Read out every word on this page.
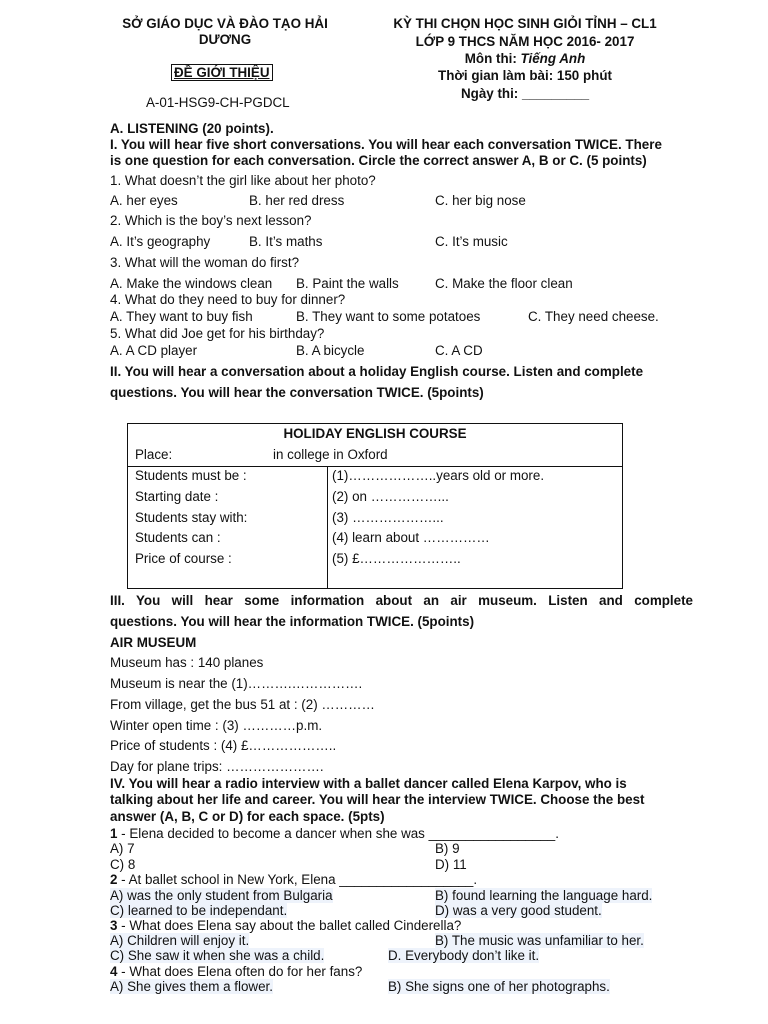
SỞ GIÁO DỤC VÀ ĐÀO TẠO HẢI
DƯƠNG
ĐỀ GIỚI THIỆU
A-01-HSG9-CH-PGDCL
KỲ THI CHỌN HỌC SINH GIỎI TỈNH – CL1
LỚP 9 THCS NĂM HỌC 2016- 2017
Môn thi: Tiếng Anh
Thời gian làm bài: 150 phút
Ngày thi: _________
A. LISTENING (20 points).
I. You will hear five short conversations. You will hear each conversation TWICE. There
is one question for each conversation. Circle the correct answer A, B or C. (5 points)
1. What doesn’t the girl like about her photo?
A. her eyes	B. her red dress	C. her big nose
2. Which is the boy’s next lesson?
A. It’s geography	B. It’s maths	C. It’s music
3. What will the woman do first?
A. Make the windows clean B. Paint the walls	C. Make the floor clean
4. What do they need to buy for dinner?
A. They want to buy fish	B. They want to some potatoes	C. They need cheese.
5. What did Joe get for his birthday?
A. A CD player	B. A bicycle	C. A CD
II. You will hear a conversation about a holiday English course. Listen and complete
questions. You will hear the conversation TWICE. (5points)
HOLIDAY ENGLISH COURSE
Place:	in college in Oxford
Students must be :	(1)………………..years old or more.
Starting date :	(2) on ……………...
Students stay with:	(3) ………………...
Students can :	(4) learn about ……………
Price of course :	(5) £…………………..
III. You will hear some information about an air museum. Listen and complete
questions. You will hear the information TWICE. (5points)
AIR MUSEUM
Museum has : 140 planes
Museum is near the (1)……….…………….
From village, get the bus 51 at : (2) …………
Winter open time : (3) …………p.m.
Price of students : (4) £………………..
Day for plane trips: ………………….
IV. You will hear a radio interview with a ballet dancer called Elena Karpov, who is
talking about her life and career. You will hear the interview TWICE. Choose the best
answer (A, B, C or D) for each space. (5pts)
1 - Elena decided to become a dancer when she was _________________.
A) 7	B) 9
C) 8	D) 11
2 - At ballet school in New York, Elena __________________.
A) was the only student from Bulgaria	B) found learning the language hard.
C) learned to be independant.	D) was a very good student.
3 - What does Elena say about the ballet called Cinderella?
A) Children will enjoy it.	B) The music was unfamiliar to her.
C) She saw it when she was a child.	D. Everybody don’t like it.
4 - What does Elena often do for her fans?
A) She gives them a flower.	B) She signs one of her photographs.
